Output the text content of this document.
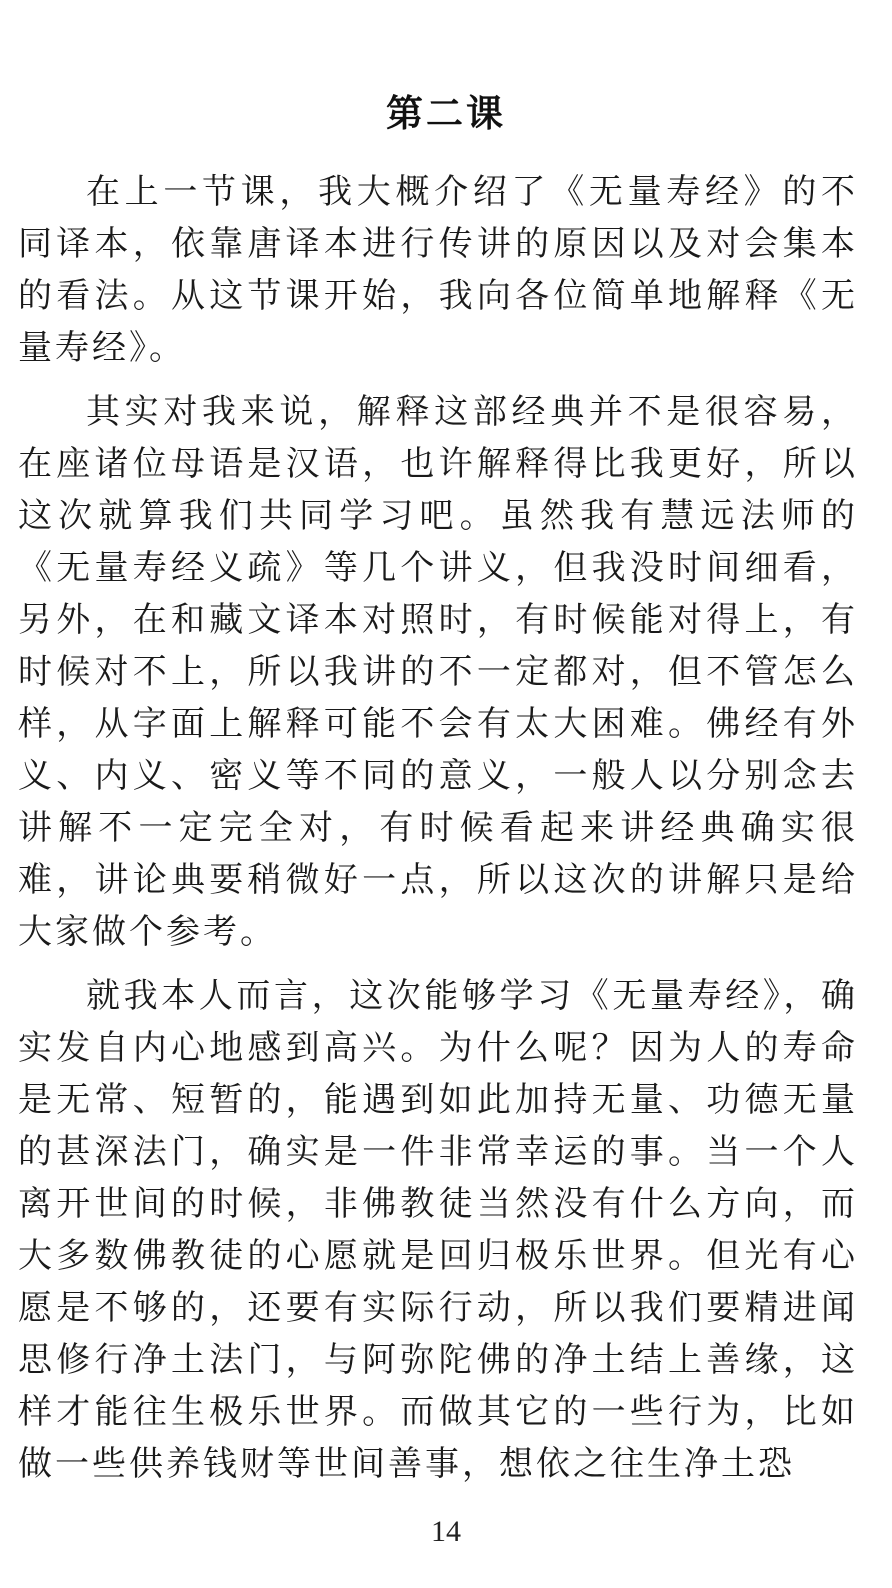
第二课

在上一节课，我大概介绍了《无量寿经》的不同译本，依靠唐译本进行传讲的原因以及对会集本的看法。从这节课开始，我向各位简单地解释《无量寿经》。

其实对我来说，解释这部经典并不是很容易，在座诸位母语是汉语，也许解释得比我更好，所以这次就算我们共同学习吧。虽然我有慧远法师的《无量寿经义疏》等几个讲义，但我没时间细看，另外，在和藏文译本对照时，有时候能对得上，有时候对不上，所以我讲的不一定都对，但不管怎么样，从字面上解释可能不会有太大困难。佛经有外义、内义、密义等不同的意义，一般人以分别念去讲解不一定完全对，有时候看起来讲经典确实很难，讲论典要稍微好一点，所以这次的讲解只是给大家做个参考。

就我本人而言，这次能够学习《无量寿经》，确实发自内心地感到高兴。为什么呢？因为人的寿命是无常、短暂的，能遇到如此加持无量、功德无量的甚深法门，确实是一件非常幸运的事。当一个人离开世间的时候，非佛教徒当然没有什么方向，而大多数佛教徒的心愿就是回归极乐世界。但光有心愿是不够的，还要有实际行动，所以我们要精进闻思修行净土法门，与阿弥陀佛的净土结上善缘，这样才能往生极乐世界。而做其它的一些行为，比如做一些供养钱财等世间善事，想依之往生净土恐

14
